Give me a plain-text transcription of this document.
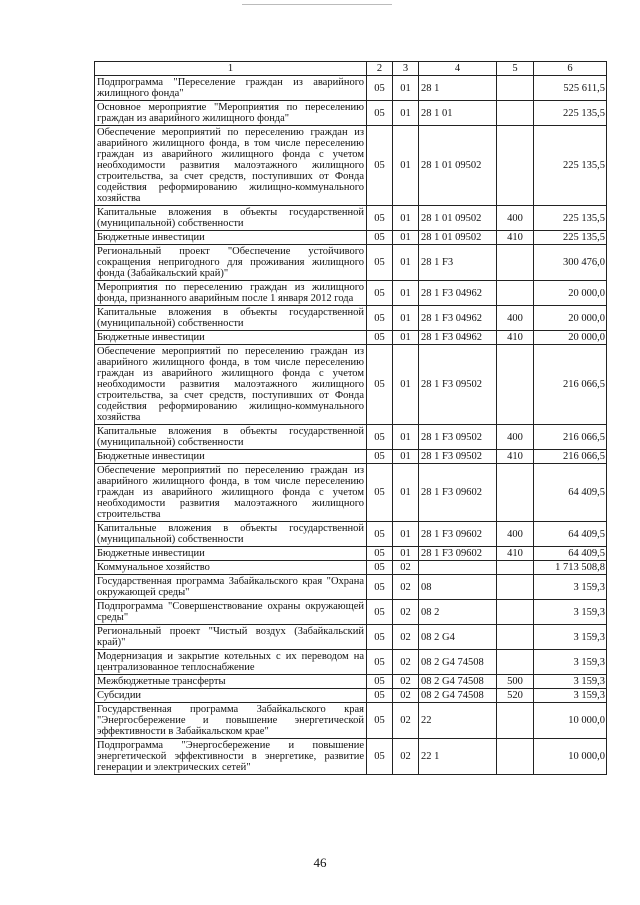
1	2	3	4	5	6
Подпрограмма "Переселение граждан из аварийного жилищного фонда"	05	01	28 1		525 611,5
Основное мероприятие "Мероприятия по переселению граждан из аварийного жилищного фонда"	05	01	28 1 01		225 135,5
Обеспечение мероприятий по переселению граждан из аварийного жилищного фонда, в том числе переселению граждан из аварийного жилищного фонда с учетом необходимости развития малоэтажного жилищного строительства, за счет средств, поступивших от Фонда содействия реформированию жилищно-коммунального хозяйства	05	01	28 1 01 09502		225 135,5
Капитальные вложения в объекты государственной (муниципальной) собственности	05	01	28 1 01 09502	400	225 135,5
Бюджетные инвестиции	05	01	28 1 01 09502	410	225 135,5
Региональный проект "Обеспечение устойчивого сокращения непригодного для проживания жилищного фонда (Забайкальский край)"	05	01	28 1 F3		300 476,0
Мероприятия по переселению граждан из жилищного фонда, признанного аварийным после 1 января 2012 года	05	01	28 1 F3 04962		20 000,0
Капитальные вложения в объекты государственной (муниципальной) собственности	05	01	28 1 F3 04962	400	20 000,0
Бюджетные инвестиции	05	01	28 1 F3 04962	410	20 000,0
Обеспечение мероприятий по переселению граждан из аварийного жилищного фонда, в том числе переселению граждан из аварийного жилищного фонда с учетом необходимости развития малоэтажного жилищного строительства, за счет средств, поступивших от Фонда содействия реформированию жилищно-коммунального хозяйства	05	01	28 1 F3 09502		216 066,5
Капитальные вложения в объекты государственной (муниципальной) собственности	05	01	28 1 F3 09502	400	216 066,5
Бюджетные инвестиции	05	01	28 1 F3 09502	410	216 066,5
Обеспечение мероприятий по переселению граждан из аварийного жилищного фонда, в том числе переселению граждан из аварийного жилищного фонда с учетом необходимости развития малоэтажного жилищного строительства	05	01	28 1 F3 09602		64 409,5
Капитальные вложения в объекты государственной (муниципальной) собственности	05	01	28 1 F3 09602	400	64 409,5
Бюджетные инвестиции	05	01	28 1 F3 09602	410	64 409,5
Коммунальное хозяйство	05	02			1 713 508,8
Государственная программа Забайкальского края "Охрана окружающей среды"	05	02	08		3 159,3
Подпрограмма "Совершенствование охраны окружающей среды"	05	02	08 2		3 159,3
Региональный проект "Чистый воздух (Забайкальский край)"	05	02	08 2 G4		3 159,3
Модернизация и закрытие котельных с их переводом на централизованное теплоснабжение	05	02	08 2 G4 74508		3 159,3
Межбюджетные трансферты	05	02	08 2 G4 74508	500	3 159,3
Субсидии	05	02	08 2 G4 74508	520	3 159,3
Государственная программа Забайкальского края "Энергосбережение и повышение энергетической эффективности в Забайкальском крае"	05	02	22		10 000,0
Подпрограмма "Энергосбережение и повышение энергетической эффективности в энергетике, развитие генерации и электрических сетей"	05	02	22 1		10 000,0
46
